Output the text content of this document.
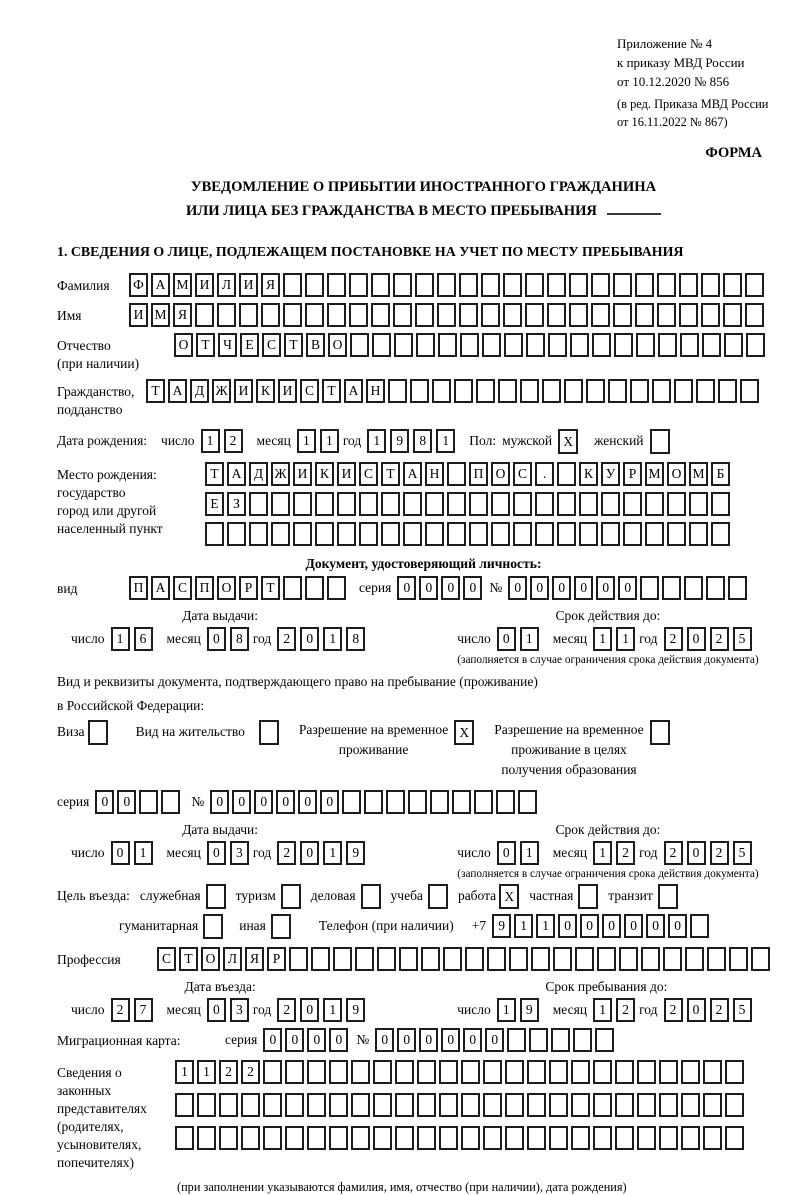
Приложение № 4
к приказу МВД России
от 10.12.2020 № 856
(в ред. Приказа МВД России
от 16.11.2022 № 867)
ФОРМА
УВЕДОМЛЕНИЕ О ПРИБЫТИИ ИНОСТРАННОГО ГРАЖДАНИНА
ИЛИ ЛИЦА БЕЗ ГРАЖДАНСТВА В МЕСТО ПРЕБЫВАНИЯ
1. СВЕДЕНИЯ О ЛИЦЕ, ПОДЛЕЖАЩЕМ ПОСТАНОВКЕ НА УЧЕТ ПО МЕСТУ ПРЕБЫВАНИЯ
Фамилия	Ф А М И Л И Я
Имя	И М Я
Отчество
(при наличии)
О Т Ч Е С Т В О
Гражданство,
подданство
Т А Д Ж И К И С Т А Н
Дата рождения: число 1	2	месяц 1	1 год 1	9	8	1	Пол: мужской X	женский
Место рождения:
государство
город или другой
населенный пункт
Т А Д Ж И К И С Т А Н	П О С	.	К У Р М О М Б
Е	З
Документ, удостоверяющий личность:
вид	П А С П О Р	Т	серия 0	0	0	0 № 0	0	0	0	0	0
Дата выдачи:
число 1	6	месяц 0	8 год 2	0	1	8
Срок действия до:
число 0	1	месяц 1	1 год 2	0	2	5
(заполняется в случае ограничения срока действия документа)
Вид и реквизиты документа, подтверждающего право на пребывание (проживание)
в Российской Федерации:
Виза	Вид на жительство	Разрешение на временное
проживание
X	Разрешение на временное
проживание в целях
получения образования
серия 0	0	№ 0	0	0	0	0	0
Дата выдачи:
число 0	1	месяц 0	3 год 2	0	1	9
Срок действия до:
число 0	1	месяц 1	2 год 2	0	2	5
(заполняется в случае ограничения срока действия документа)
Цель въезда: служебная	туризм	деловая	учеба	работа X	частная	транзит
гуманитарная	иная	Телефон (при наличии) +7 9	1	1	0	0	0	0	0	0
Профессия	С Т О Л Я	Р
Дата въезда:
число 2	7	месяц 0	3 год 2	0	1	9
Срок пребывания до:
число 1	9	месяц 1	2 год 2	0	2	5
Миграционная карта:	серия 0	0	0	0	№ 0	0	0	0	0	0
Сведения о
законных
представителях
(родителях,
усыновителях,
попечителях)
1	1	2	2
(при заполнении указываются фамилия, имя, отчество (при наличии), дата рождения)
